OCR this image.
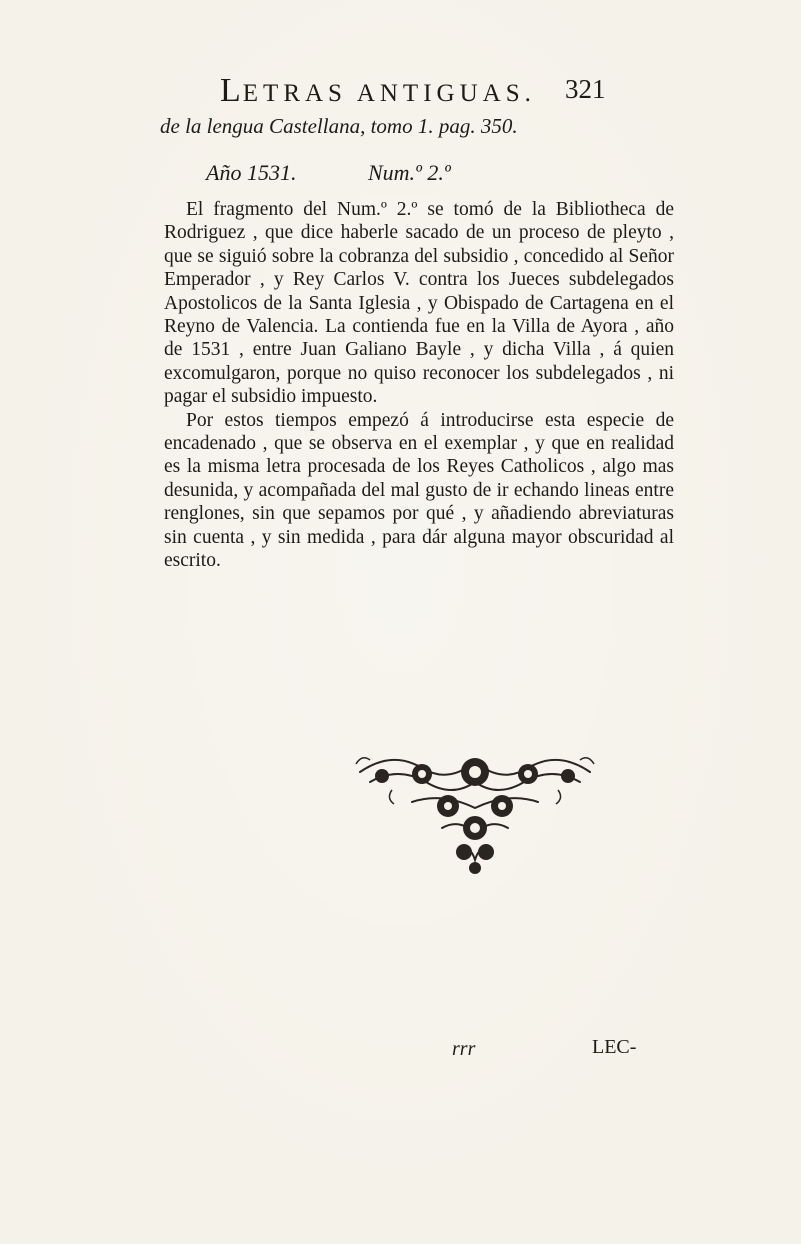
LETRAS ANTIGUAS. 321
de la lengua Castellana, tomo 1. pag. 350.
Año 1531.	Num.º 2.º

El fragmento del Num.º 2.º se tomó de la Bibliotheca de Rodriguez , que dice haberle sacado de un proceso de pleyto , que se siguió sobre la cobranza del subsidio , concedido al Señor Emperador , y Rey Carlos V. contra los Jueces subdelegados Apostolicos de la Santa Iglesia , y Obispado de Cartagena en el Reyno de Valencia. La contienda fue en la Villa de Ayora , año de 1531 , entre Juan Galiano Bayle , y dicha Villa , á quien excomulgaron, porque no quiso reconocer los subdelegados , ni pagar el subsidio impuesto.

Por estos tiempos empezó á introducirse esta especie de encadenado , que se observa en el exemplar , y que en realidad es la misma letra procesada de los Reyes Catholicos , algo mas desunida, y acompañada del mal gusto de ir echando lineas entre renglones, sin que sepamos por qué , y añadiendo abreviaturas sin cuenta , y sin medida , para dár alguna mayor obscuridad al escrito.

rrr	LEC-
